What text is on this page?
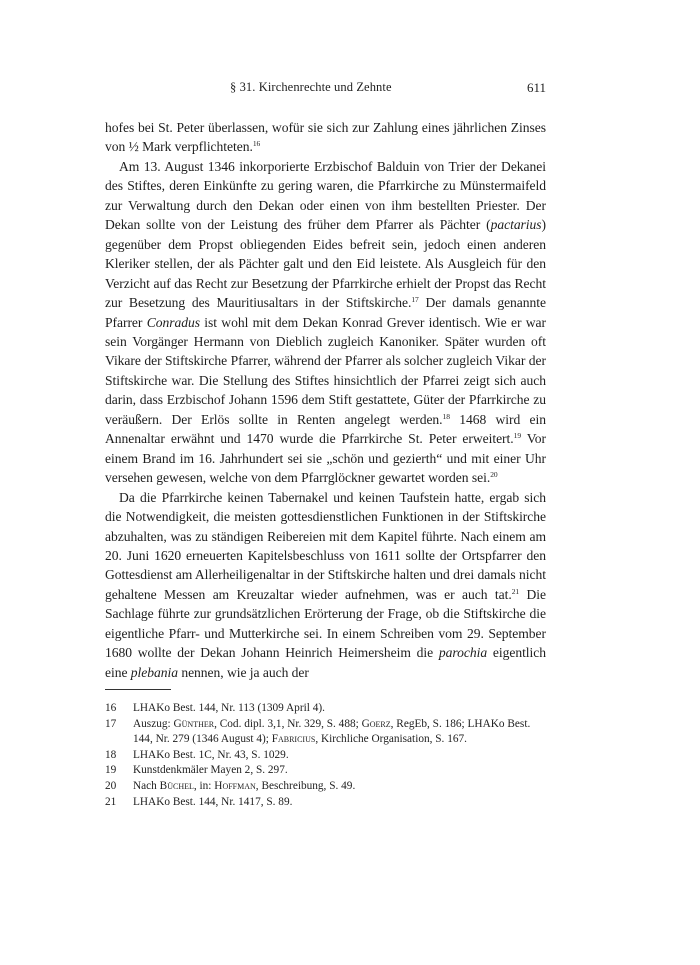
§ 31. Kirchenrechte und Zehnte	611

hofes bei St. Peter überlassen, wofür sie sich zur Zahlung eines jährlichen Zinses von ½ Mark verpflichteten.$^{16}$

Am 13. August 1346 inkorporierte Erzbischof Balduin von Trier der Dekanei des Stiftes, deren Einkünfte zu gering waren, die Pfarrkirche zu Münstermaifeld zur Verwaltung durch den Dekan oder einen von ihm bestellten Priester. Der Dekan sollte von der Leistung des früher dem Pfarrer als Pächter (pactarius) gegenüber dem Propst obliegenden Eides befreit sein, jedoch einen anderen Kleriker stellen, der als Pächter galt und den Eid leistete. Als Ausgleich für den Verzicht auf das Recht zur Besetzung der Pfarrkirche erhielt der Propst das Recht zur Besetzung des Mauritiusaltars in der Stiftskirche.$^{17}$ Der damals genannte Pfarrer Conradus ist wohl mit dem Dekan Konrad Grever identisch. Wie er war sein Vorgänger Hermann von Dieblich zugleich Kanoniker. Später wurden oft Vikare der Stiftskirche Pfarrer, während der Pfarrer als solcher zugleich Vikar der Stiftskirche war. Die Stellung des Stiftes hinsichtlich der Pfarrei zeigt sich auch darin, dass Erzbischof Johann 1596 dem Stift gestattete, Güter der Pfarrkirche zu veräußern. Der Erlös sollte in Renten angelegt werden.$^{18}$ 1468 wird ein Annenaltar erwähnt und 1470 wurde die Pfarrkirche St. Peter erweitert.$^{19}$ Vor einem Brand im 16. Jahrhundert sei sie „schön und gezierth“ und mit einer Uhr versehen gewesen, welche von dem Pfarrglöckner gewartet worden sei.$^{20}$

Da die Pfarrkirche keinen Tabernakel und keinen Taufstein hatte, ergab sich die Notwendigkeit, die meisten gottesdienstlichen Funktionen in der Stiftskirche abzuhalten, was zu ständigen Reibereien mit dem Kapitel führte. Nach einem am 20. Juni 1620 erneuerten Kapitelsbeschluss von 1611 sollte der Ortspfarrer den Gottesdienst am Allerheiligenaltar in der Stiftskirche halten und drei damals nicht gehaltene Messen am Kreuzaltar wieder aufnehmen, was er auch tat.$^{21}$ Die Sachlage führte zur grundsätzlichen Erörterung der Frage, ob die Stiftskirche die eigentliche Pfarr- und Mutterkirche sei. In einem Schreiben vom 29. September 1680 wollte der Dekan Johann Heinrich Heimersheim die parochia eigentlich eine plebania nennen, wie ja auch der

16 LHAKo Best. 144, Nr. 113 (1309 April 4).
17 Auszug: Günther, Cod. dipl. 3,1, Nr. 329, S. 488; Goerz, RegEb, S. 186; LHAKo Best. 144, Nr. 279 (1346 August 4); Fabricius, Kirchliche Organisation, S. 167.
18 LHAKo Best. 1C, Nr. 43, S. 1029.
19 Kunstdenkmäler Mayen 2, S. 297.
20 Nach Büchel, in: Hoffman, Beschreibung, S. 49.
21 LHAKo Best. 144, Nr. 1417, S. 89.
